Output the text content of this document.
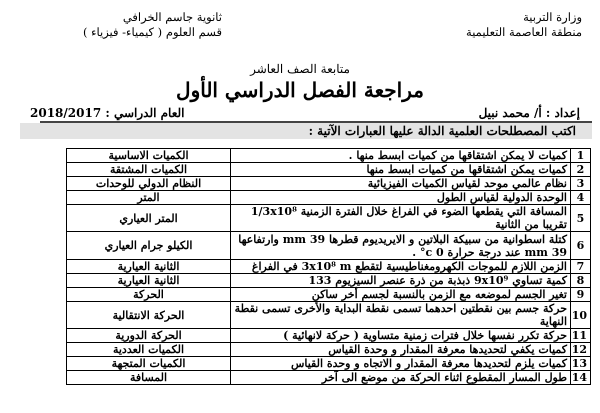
وزارة التربية
منطقة العاصمة التعليمية
ثانوية جاسم الخرافي
قسم العلوم ( كيمياء- فيزياء )
متابعة الصف العاشر
مراجعة الفصل الدراسي الأول
إعداد : أ/ محمد نبيل
العام الدراسي : 2018/2017
اكتب المصطلحات العلمية الدالة عليها العبارات الآتية :
1	كميات لا يمكن اشتقاقها من كميات ابسط منها .	الكميات الاساسية
2	كميات يمكن اشتقاقها من كميات ابسط منها	الكميات المشتقة
3	نظام عالمي موحد لقياس الكميات الفيزيائية	النظام الدولي للوحدات
4	الوحدة الدولية لقياس الطول	المتر
5	المسافة التي يقطعها الضوء في الفراغ خلال الفترة الزمنية 1/3x10⁸ تقريبا من الثانية	المتر العياري
6	كتلة اسطوانية من سبيكة البلاتين و الايريديوم قطرها 39 mm وارتفاعها 39 mm عند درجة حرارة 0 c° .	الكيلو جرام العياري
7	الزمن اللازم للموجات الكهرومغناطيسية لتقطع 3x10⁸ m في الفراغ	الثانية العيارية
8	كمية تساوي 9x10⁹ ذبذبة من ذرة عنصر السيزيوم 133	الثانية العيارية
9	تغير الجسم لموضعه مع الزمن بالنسبة لجسم أخر ساكن	الحركة
10	حركة جسم بين نقطتين احدهما تسمى نقطة البداية والأخرى تسمى نقطة النهاية	الحركة الانتقالية
11	حركة تكرر نفسها خلال فترات زمنية متساوية ( حركة لانهائية )	الحركة الدورية
12	كميات يكفي لتحديدها معرفة المقدار و وحدة القياس	الكميات العددية
13	كميات يلزم لتحديدها معرفة المقدار و الاتجاه و وحدة القياس	الكميات المتجهة
14	طول المسار المقطوع اثناء الحركة من موضع الى آخر	المسافة
